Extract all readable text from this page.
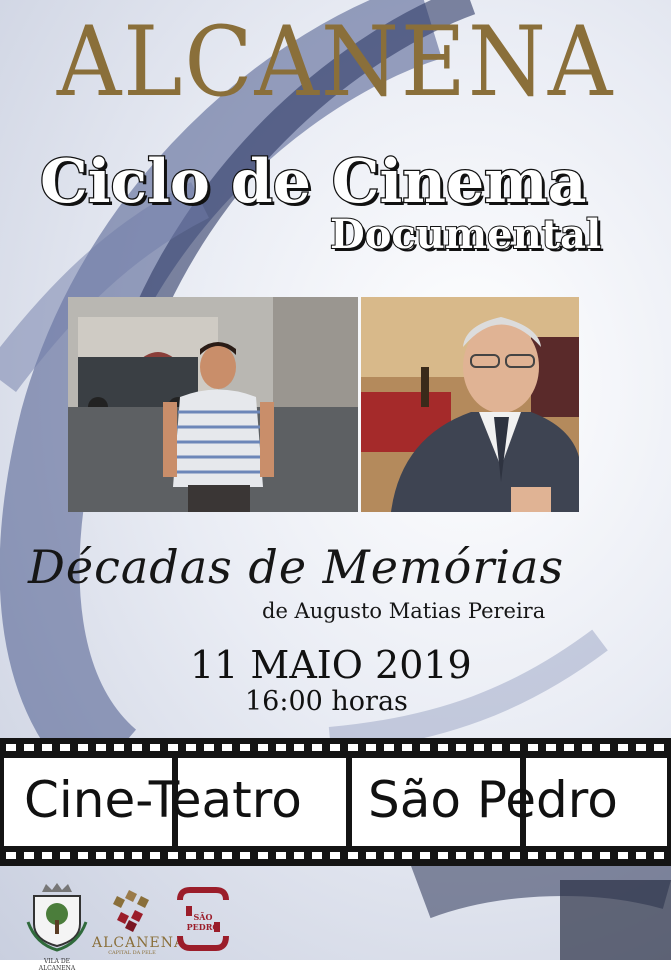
ALCANENA
Ciclo de Cinema
Documental
Décadas de Memórias
de Augusto Matias Pereira
11 MAIO 2019
16:00 horas
Cine-Teatro São Pedro
VILA DE ALCANENA
ALCANENA
CAPITAL DA PELE
SÃO PEDRO
